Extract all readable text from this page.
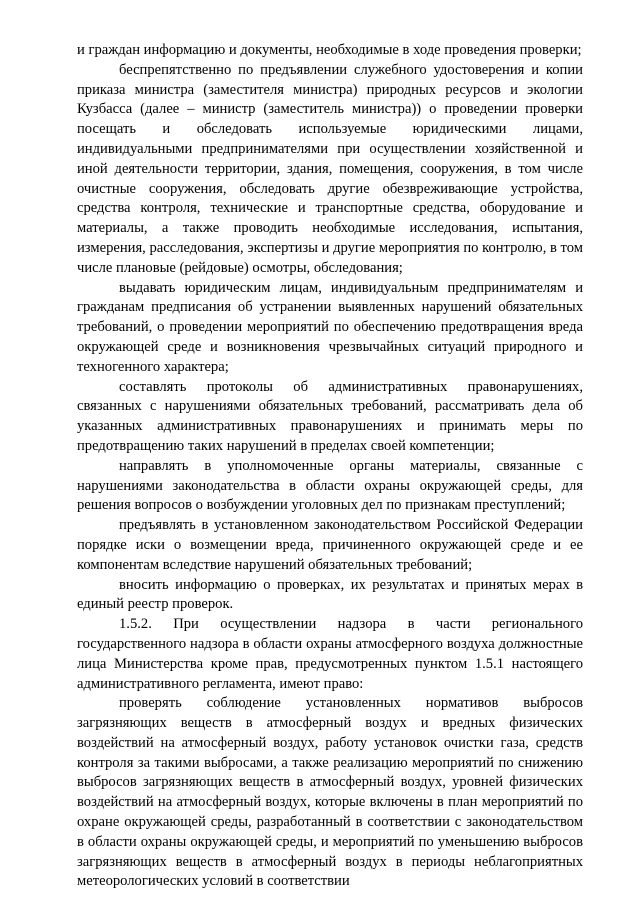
и граждан информацию и документы, необходимые в ходе проведения проверки;

беспрепятственно по предъявлении служебного удостоверения и копии приказа министра (заместителя министра) природных ресурсов и экологии Кузбасса (далее – министр (заместитель министра)) о проведении проверки посещать и обследовать используемые юридическими лицами, индивидуальными предпринимателями при осуществлении хозяйственной и иной деятельности территории, здания, помещения, сооружения, в том числе очистные сооружения, обследовать другие обезвреживающие устройства, средства контроля, технические и транспортные средства, оборудование и материалы, а также проводить необходимые исследования, испытания, измерения, расследования, экспертизы и другие мероприятия по контролю, в том числе плановые (рейдовые) осмотры, обследования;

выдавать юридическим лицам, индивидуальным предпринимателям и гражданам предписания об устранении выявленных нарушений обязательных требований, о проведении мероприятий по обеспечению предотвращения вреда окружающей среде и возникновения чрезвычайных ситуаций природного и техногенного характера;

составлять протоколы об административных правонарушениях, связанных с нарушениями обязательных требований, рассматривать дела об указанных административных правонарушениях и принимать меры по предотвращению таких нарушений в пределах своей компетенции;

направлять в уполномоченные органы материалы, связанные с нарушениями законодательства в области охраны окружающей среды, для решения вопросов о возбуждении уголовных дел по признакам преступлений;

предъявлять в установленном законодательством Российской Федерации порядке иски о возмещении вреда, причиненного окружающей среде и ее компонентам вследствие нарушений обязательных требований;

вносить информацию о проверках, их результатах и принятых мерах в единый реестр проверок.

1.5.2. При осуществлении надзора в части регионального государственного надзора в области охраны атмосферного воздуха должностные лица Министерства кроме прав, предусмотренных пунктом 1.5.1 настоящего административного регламента, имеют право:

проверять соблюдение установленных нормативов выбросов загрязняющих веществ в атмосферный воздух и вредных физических воздействий на атмосферный воздух, работу установок очистки газа, средств контроля за такими выбросами, а также реализацию мероприятий по снижению выбросов загрязняющих веществ в атмосферный воздух, уровней физических воздействий на атмосферный воздух, которые включены в план мероприятий по охране окружающей среды, разработанный в соответствии с законодательством в области охраны окружающей среды, и мероприятий по уменьшению выбросов загрязняющих веществ в атмосферный воздух в периоды неблагоприятных метеорологических условий в соответствии
